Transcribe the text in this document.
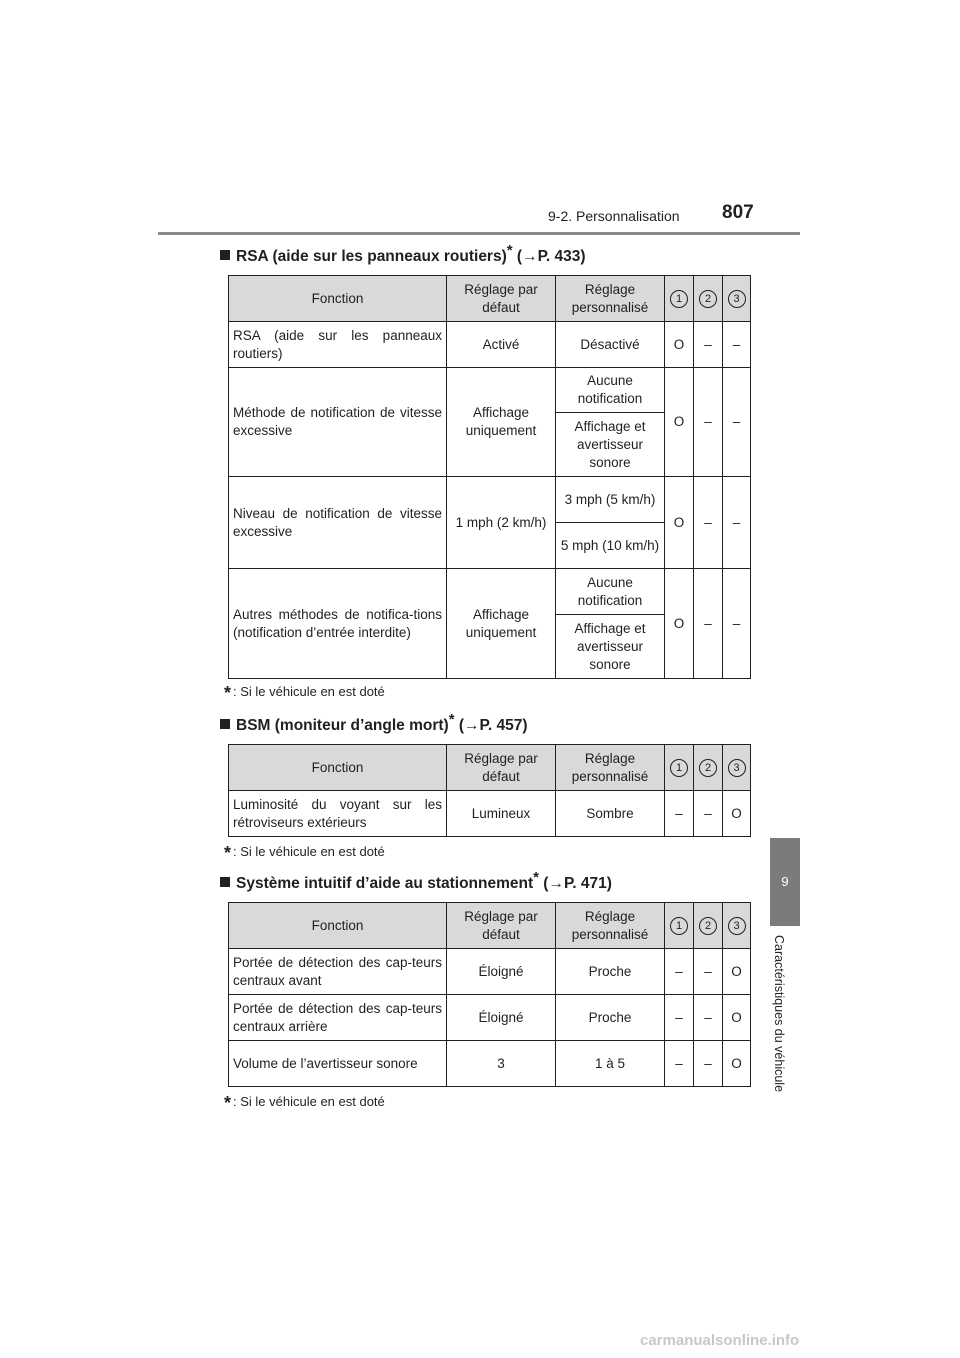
9-2. Personnalisation 807
9
Caractéristiques du véhicule
RSA (aide sur les panneaux routiers)* (→P. 433)
Fonction	Réglage par défaut	Réglage personnalisé	1	2	3
RSA (aide sur les panneaux routiers)	Activé	Désactivé	O	–	–
Méthode de notification de vitesse excessive	Affichage uniquement	Aucune notification	O	–	–
		Affichage et avertisseur sonore			
Niveau de notification de vitesse excessive	1 mph (2 km/h)	3 mph (5 km/h)	O	–	–
		5 mph (10 km/h)			
Autres méthodes de notifica-tions (notification d’entrée interdite)	Affichage uniquement	Aucune notification	O	–	–
		Affichage et avertisseur sonore			
* : Si le véhicule en est doté
BSM (moniteur d’angle mort)* (→P. 457)
Fonction	Réglage par défaut	Réglage personnalisé	1	2	3
Luminosité du voyant sur les rétroviseurs extérieurs	Lumineux	Sombre	–	–	O
* : Si le véhicule en est doté
Système intuitif d’aide au stationnement* (→P. 471)
Fonction	Réglage par défaut	Réglage personnalisé	1	2	3
Portée de détection des cap-teurs centraux avant	Éloigné	Proche	–	–	O
Portée de détection des cap-teurs centraux arrière	Éloigné	Proche	–	–	O
Volume de l’avertisseur sonore	3	1 à 5	–	–	O
* : Si le véhicule en est doté
carmanualsonline.info
